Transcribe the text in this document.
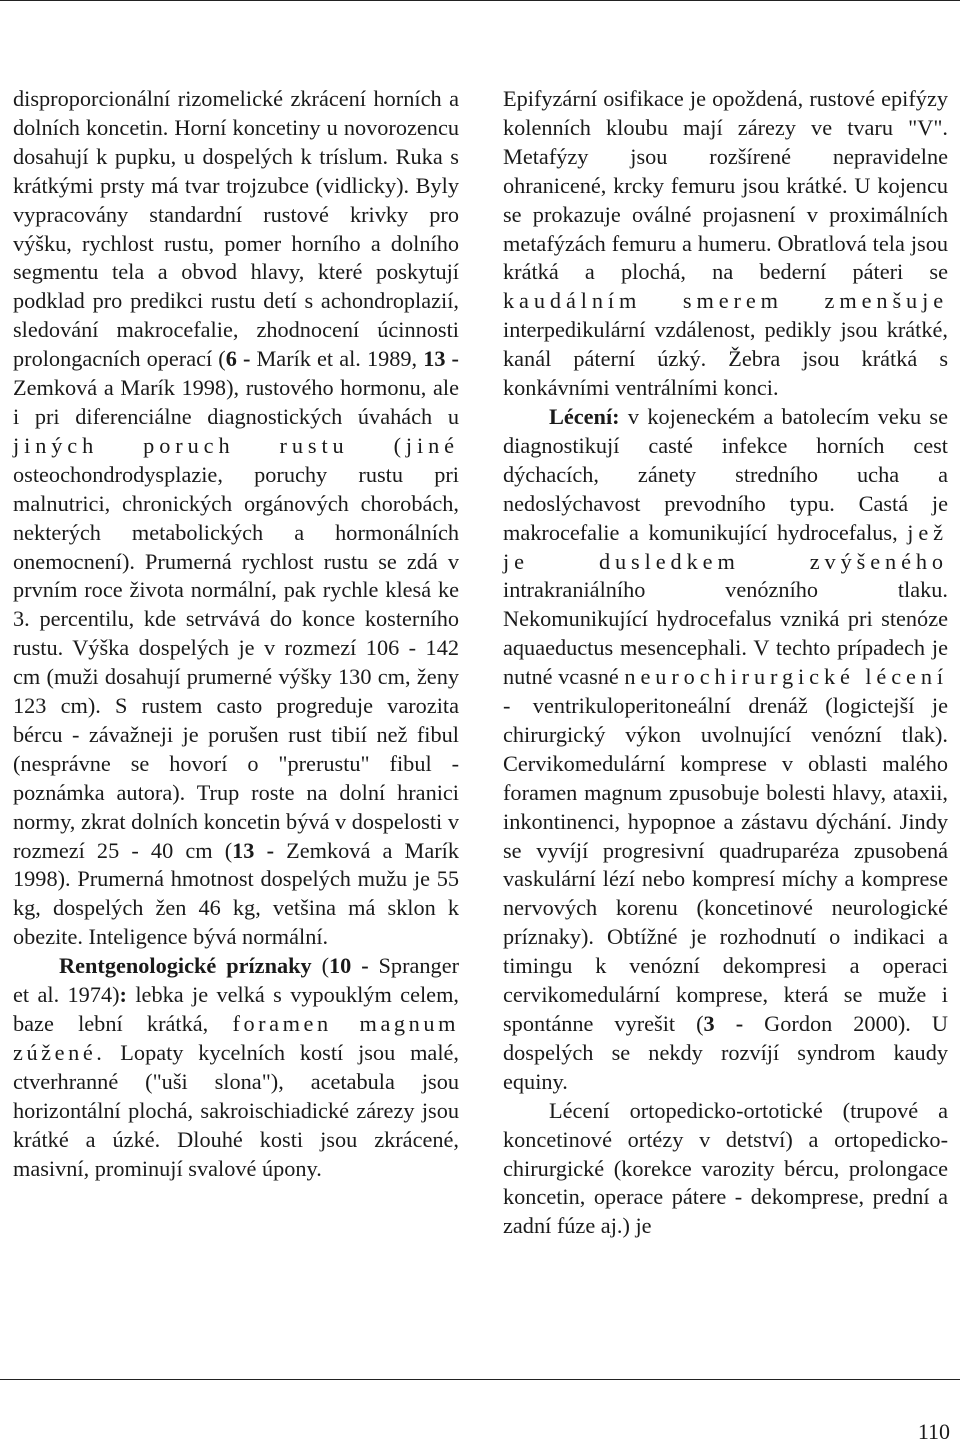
disproporcionální rizomelické zkrácení horních a dolních koncetin. Horní koncetiny u novorozencu dosahují k pupku, u dospelých k tríslum. Ruka s krátkými prsty má tvar trojzubce (vidlicky). Byly vypracovány standardní rustové krivky pro výšku, rychlost rustu, pomer horního a dolního segmentu tela a obvod hlavy, které poskytují podklad pro predikci rustu detí s achondroplazií, sledování makrocefalie, zhodnocení úcinnosti prolongacních operací (6 - Marík et al. 1989, 13 - Zemková a Marík 1998), rustového hormonu, ale i pri diferenciálne diagnostických úvahách u jiných poruch rustu (jiné osteochondrodysplazie, poruchy rustu pri malnutrici, chronických orgánových chorobách, nekterých metabolických a hormonálních onemocnení). Prumerná rychlost rustu se zdá v prvním roce života normální, pak rychle klesá ke 3. percentilu, kde setrvává do konce kosterního rustu. Výška dospelých je v rozmezí 106 - 142 cm (muži dosahují prumerné výšky 130 cm, ženy 123 cm). S rustem casto progreduje varozita bércu - závažneji je porušen rust tibií než fibul (nesprávne se hovorí o "prerustu" fibul - poznámka autora). Trup roste na dolní hranici normy, zkrat dolních koncetin bývá v dospelosti v rozmezí 25 - 40 cm (13 - Zemková a Marík 1998). Prumerná hmotnost dospelých mužu je 55 kg, dospelých žen 46 kg, vetšina má sklon k obezite. Inteligence bývá normální.

Rentgenologické príznaky (10 - Spranger et al. 1974): lebka je velká s vypouklým celem, baze lební krátká, foramen magnum zúžené. Lopaty kycelních kostí jsou malé, ctverhranné ("uši slona"), acetabula jsou horizontální plochá, sakroischiadické zárezy jsou krátké a úzké. Dlouhé kosti jsou zkrácené, masivní, prominují svalové úpony.

Epifyzární osifikace je opoždená, rustové epifýzy kolenních kloubu mají zárezy ve tvaru "V". Metafýzy jsou rozšírené nepravidelne ohranicené, krcky femuru jsou krátké. U kojencu se prokazuje oválné projasnení v proximálních metafýzách femuru a humeru. Obratlová tela jsou krátká a plochá, na bederní páteri se kaudálním smerem zmenšuje interpedikulární vzdálenost, pedikly jsou krátké, kanál páterní úzký. Žebra jsou krátká s konkávními ventrálními konci.

Lécení: v kojeneckém a batolecím veku se diagnostikují casté infekce horních cest dýchacích, zánety stredního ucha a nedoslýchavost prevodního typu. Castá je makrocefalie a komunikující hydrocefalus, jež je dusledkem zvýšeného intrakraniálního venózního tlaku. Nekomunikující hydrocefalus vzniká pri stenóze aquaeductus mesencephali. V techto prípadech je nutné vcasné neurochirurgické lécení - ventrikuloperitoneální drenáž (logictejší je chirurgický výkon uvolnující venózní tlak). Cervikomedulární komprese v oblasti malého foramen magnum zpusobuje bolesti hlavy, ataxii, inkontinenci, hypopnoe a zástavu dýchání. Jindy se vyvíjí progresivní quadruparéza zpusobená vaskulární lézí nebo kompresí míchy a komprese nervových korenu (koncetinové neurologické príznaky). Obtížné je rozhodnutí o indikaci a timingu k venózní dekompresi a operaci cervikomedulární komprese, která se muže i spontánne vyrešit (3 - Gordon 2000). U dospelých se nekdy rozvíjí syndrom kaudy equiny.

Lécení ortopedicko-ortotické (trupové a koncetinové ortézy v detství) a ortopedicko-chirurgické (korekce varozity bércu, prolongace koncetin, operace pátere - dekomprese, prední a zadní fúze aj.) je

110
